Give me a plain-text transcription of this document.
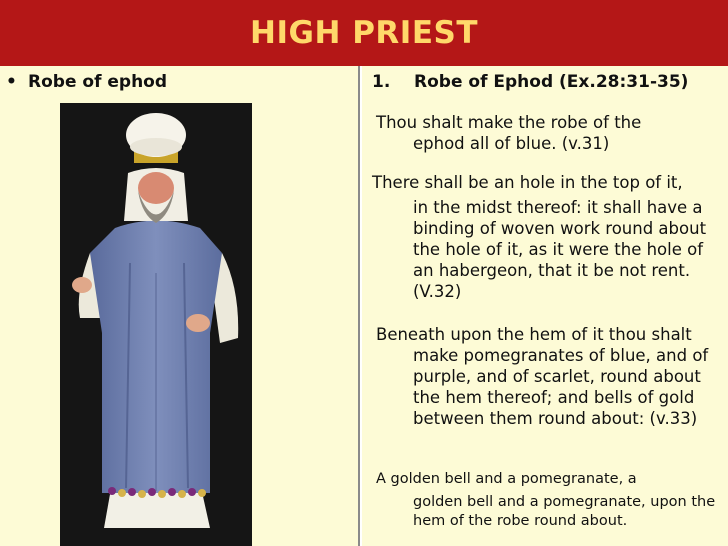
HIGH PRIEST
• Robe of ephod	1. Robe of Ephod (Ex.28:31-35)
Thou shalt make the robe of the
ephod all of blue. (v.31)
There shall be an hole in the top of it,
in the midst thereof: it shall have a binding of woven work round about the hole of it, as it were the hole of an habergeon, that it be not rent. (V.32)
Beneath upon the hem of it thou shalt
make pomegranates of blue, and of purple, and of scarlet, round about the hem thereof; and bells of gold between them round about: (v.33)
A golden bell and a pomegranate, a
golden bell and a pomegranate, upon the hem of the robe round about.
